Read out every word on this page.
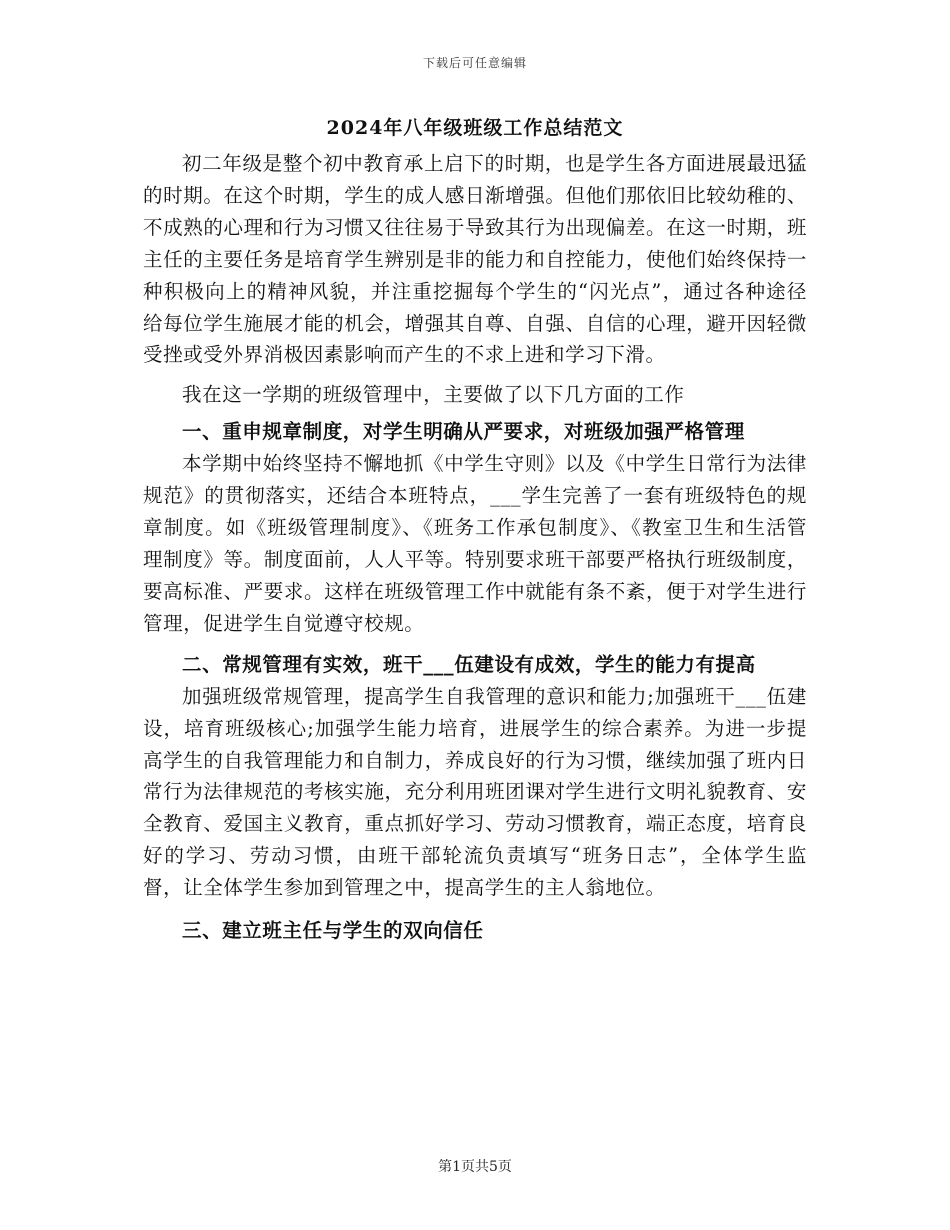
下载后可任意编辑
2024年八年级班级工作总结范文

初二年级是整个初中教育承上启下的时期，也是学生各方面进展最迅猛的时期。在这个时期，学生的成人感日渐增强。但他们那依旧比较幼稚的、不成熟的心理和行为习惯又往往易于导致其行为出现偏差。在这一时期，班主任的主要任务是培育学生辨别是非的能力和自控能力，使他们始终保持一种积极向上的精神风貌，并注重挖掘每个学生的“闪光点”，通过各种途径给每位学生施展才能的机会，增强其自尊、自强、自信的心理，避开因轻微受挫或受外界消极因素影响而产生的不求上进和学习下滑。

我在这一学期的班级管理中，主要做了以下几方面的工作

一、重申规章制度，对学生明确从严要求，对班级加强严格管理

本学期中始终坚持不懈地抓《中学生守则》以及《中学生日常行为法律规范》的贯彻落实，还结合本班特点，___学生完善了一套有班级特色的规章制度。如《班级管理制度》、《班务工作承包制度》、《教室卫生和生活管理制度》等。制度面前，人人平等。特别要求班干部要严格执行班级制度，要高标准、严要求。这样在班级管理工作中就能有条不紊，便于对学生进行管理，促进学生自觉遵守校规。

二、常规管理有实效，班干___伍建设有成效，学生的能力有提高

加强班级常规管理，提高学生自我管理的意识和能力;加强班干___伍建设，培育班级核心;加强学生能力培育，进展学生的综合素养。为进一步提高学生的自我管理能力和自制力，养成良好的行为习惯，继续加强了班内日常行为法律规范的考核实施，充分利用班团课对学生进行文明礼貌教育、安全教育、爱国主义教育，重点抓好学习、劳动习惯教育，端正态度，培育良好的学习、劳动习惯，由班干部轮流负责填写“班务日志”，全体学生监督，让全体学生参加到管理之中，提高学生的主人翁地位。

三、建立班主任与学生的双向信任
第1页共5页
